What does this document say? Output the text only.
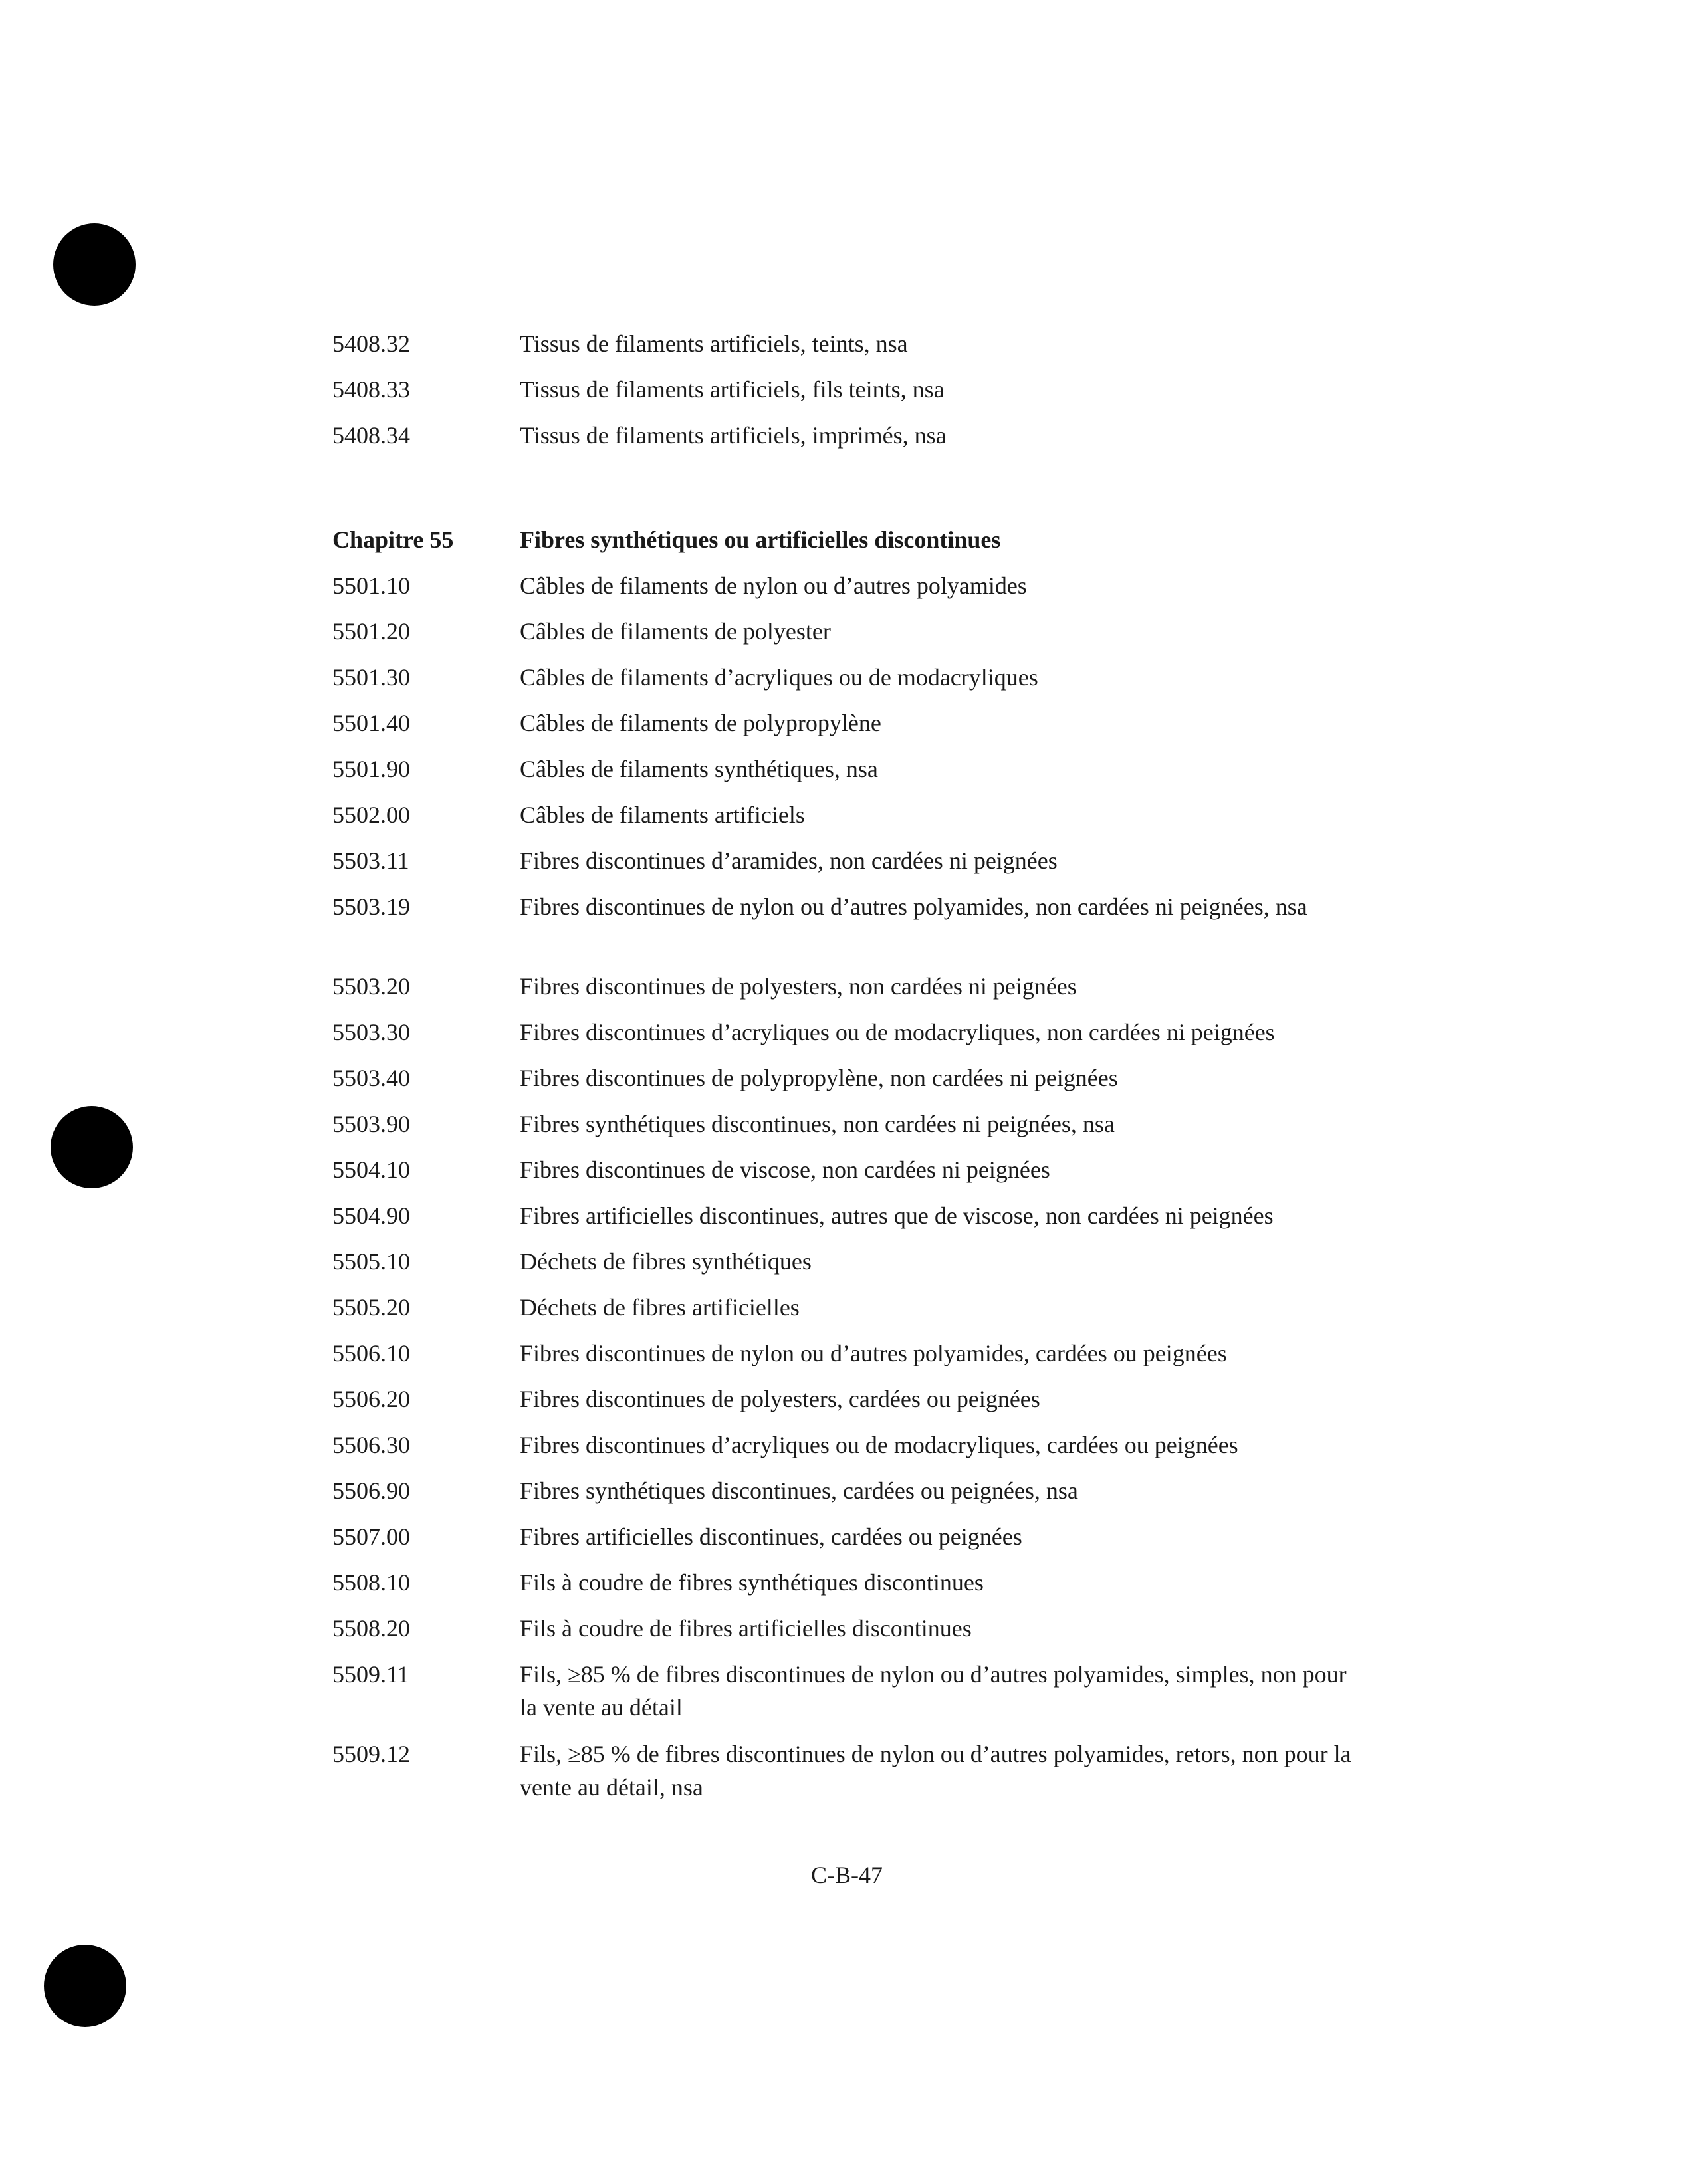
5408.32	Tissus de filaments artificiels, teints, nsa
5408.33	Tissus de filaments artificiels, fils teints, nsa
5408.34	Tissus de filaments artificiels, imprimés, nsa
Chapitre 55	Fibres synthétiques ou artificielles discontinues
5501.10	Câbles de filaments de nylon ou d’autres polyamides
5501.20	Câbles de filaments de polyester
5501.30	Câbles de filaments d’acryliques ou de modacryliques
5501.40	Câbles de filaments de polypropylène
5501.90	Câbles de filaments synthétiques, nsa
5502.00	Câbles de filaments artificiels
5503.11	Fibres discontinues d’aramides, non cardées ni peignées
5503.19	Fibres discontinues de nylon ou d’autres polyamides, non cardées ni peignées, nsa
5503.20	Fibres discontinues de polyesters, non cardées ni peignées
5503.30	Fibres discontinues d’acryliques ou de modacryliques, non cardées ni peignées
5503.40	Fibres discontinues de polypropylène, non cardées ni peignées
5503.90	Fibres synthétiques discontinues, non cardées ni peignées, nsa
5504.10	Fibres discontinues de viscose, non cardées ni peignées
5504.90	Fibres artificielles discontinues, autres que de viscose, non cardées ni peignées
5505.10	Déchets de fibres synthétiques
5505.20	Déchets de fibres artificielles
5506.10	Fibres discontinues de nylon ou d’autres polyamides, cardées ou peignées
5506.20	Fibres discontinues de polyesters, cardées ou peignées
5506.30	Fibres discontinues d’acryliques ou de modacryliques, cardées ou peignées
5506.90	Fibres synthétiques discontinues, cardées ou peignées, nsa
5507.00	Fibres artificielles discontinues, cardées ou peignées
5508.10	Fils à coudre de fibres synthétiques discontinues
5508.20	Fils à coudre de fibres artificielles discontinues
5509.11	Fils, ≥85 % de fibres discontinues de nylon ou d’autres polyamides, simples, non pour la vente au détail
5509.12	Fils, ≥85 % de fibres discontinues de nylon ou d’autres polyamides, retors, non pour la vente au détail, nsa
C-B-47
